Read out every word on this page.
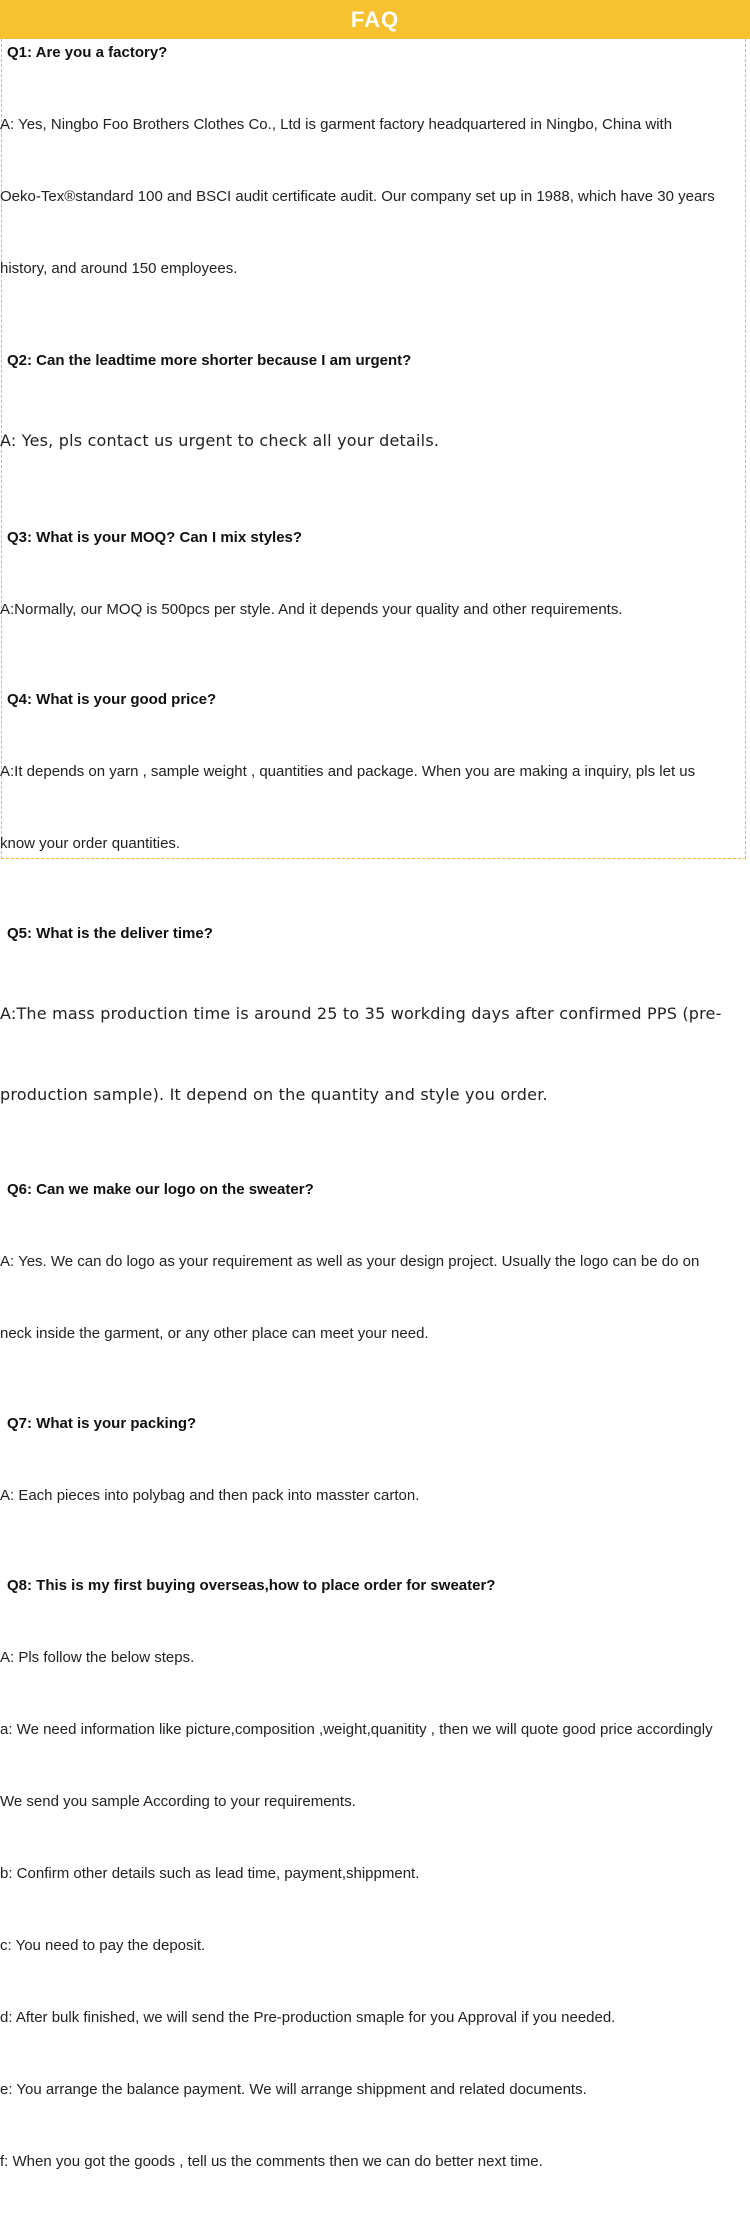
FAQ
Q1: Are you a factory?

A: Yes, Ningbo Foo Brothers Clothes Co., Ltd is garment factory headquartered in Ningbo, China with

Oeko-Tex®standard 100 and BSCI audit certificate audit. Our company set up in 1988, which have 30 years

history, and around 150 employees.

Q2: Can the leadtime more shorter because I am urgent?

A: Yes, pls contact us urgent to check all your details.

Q3: What is your MOQ? Can I mix styles?

A:Normally, our MOQ is 500pcs per style. And it depends your quality and other requirements.

Q4: What is your good price?

A:It depends on yarn , sample weight , quantities and package. When you are making a inquiry, pls let us

know your order quantities.

Q5: What is the deliver time?

A:The mass production time is around 25 to 35 workding days after confirmed PPS (pre-

production sample). It depend on the quantity and style you order.

Q6: Can we make our logo on the sweater?

A: Yes. We can do logo as your requirement as well as your design project. Usually the logo can be do on

neck inside the garment, or any other place can meet your need.

Q7: What is your packing?

A: Each pieces into polybag and then pack into masster carton.

Q8: This is my first buying overseas,how to place order for sweater?

A: Pls follow the below steps.

a: We need information like picture,composition ,weight,quanitity , then we will quote good price accordingly

We send you sample According to your requirements.

b: Confirm other details such as lead time, payment,shippment.

c: You need to pay the deposit.

d: After bulk finished, we will send the Pre-production smaple for you Approval if you needed.

e: You arrange the balance payment. We will arrange shippment and related documents.

f: When you got the goods , tell us the comments then we can do better next time.
